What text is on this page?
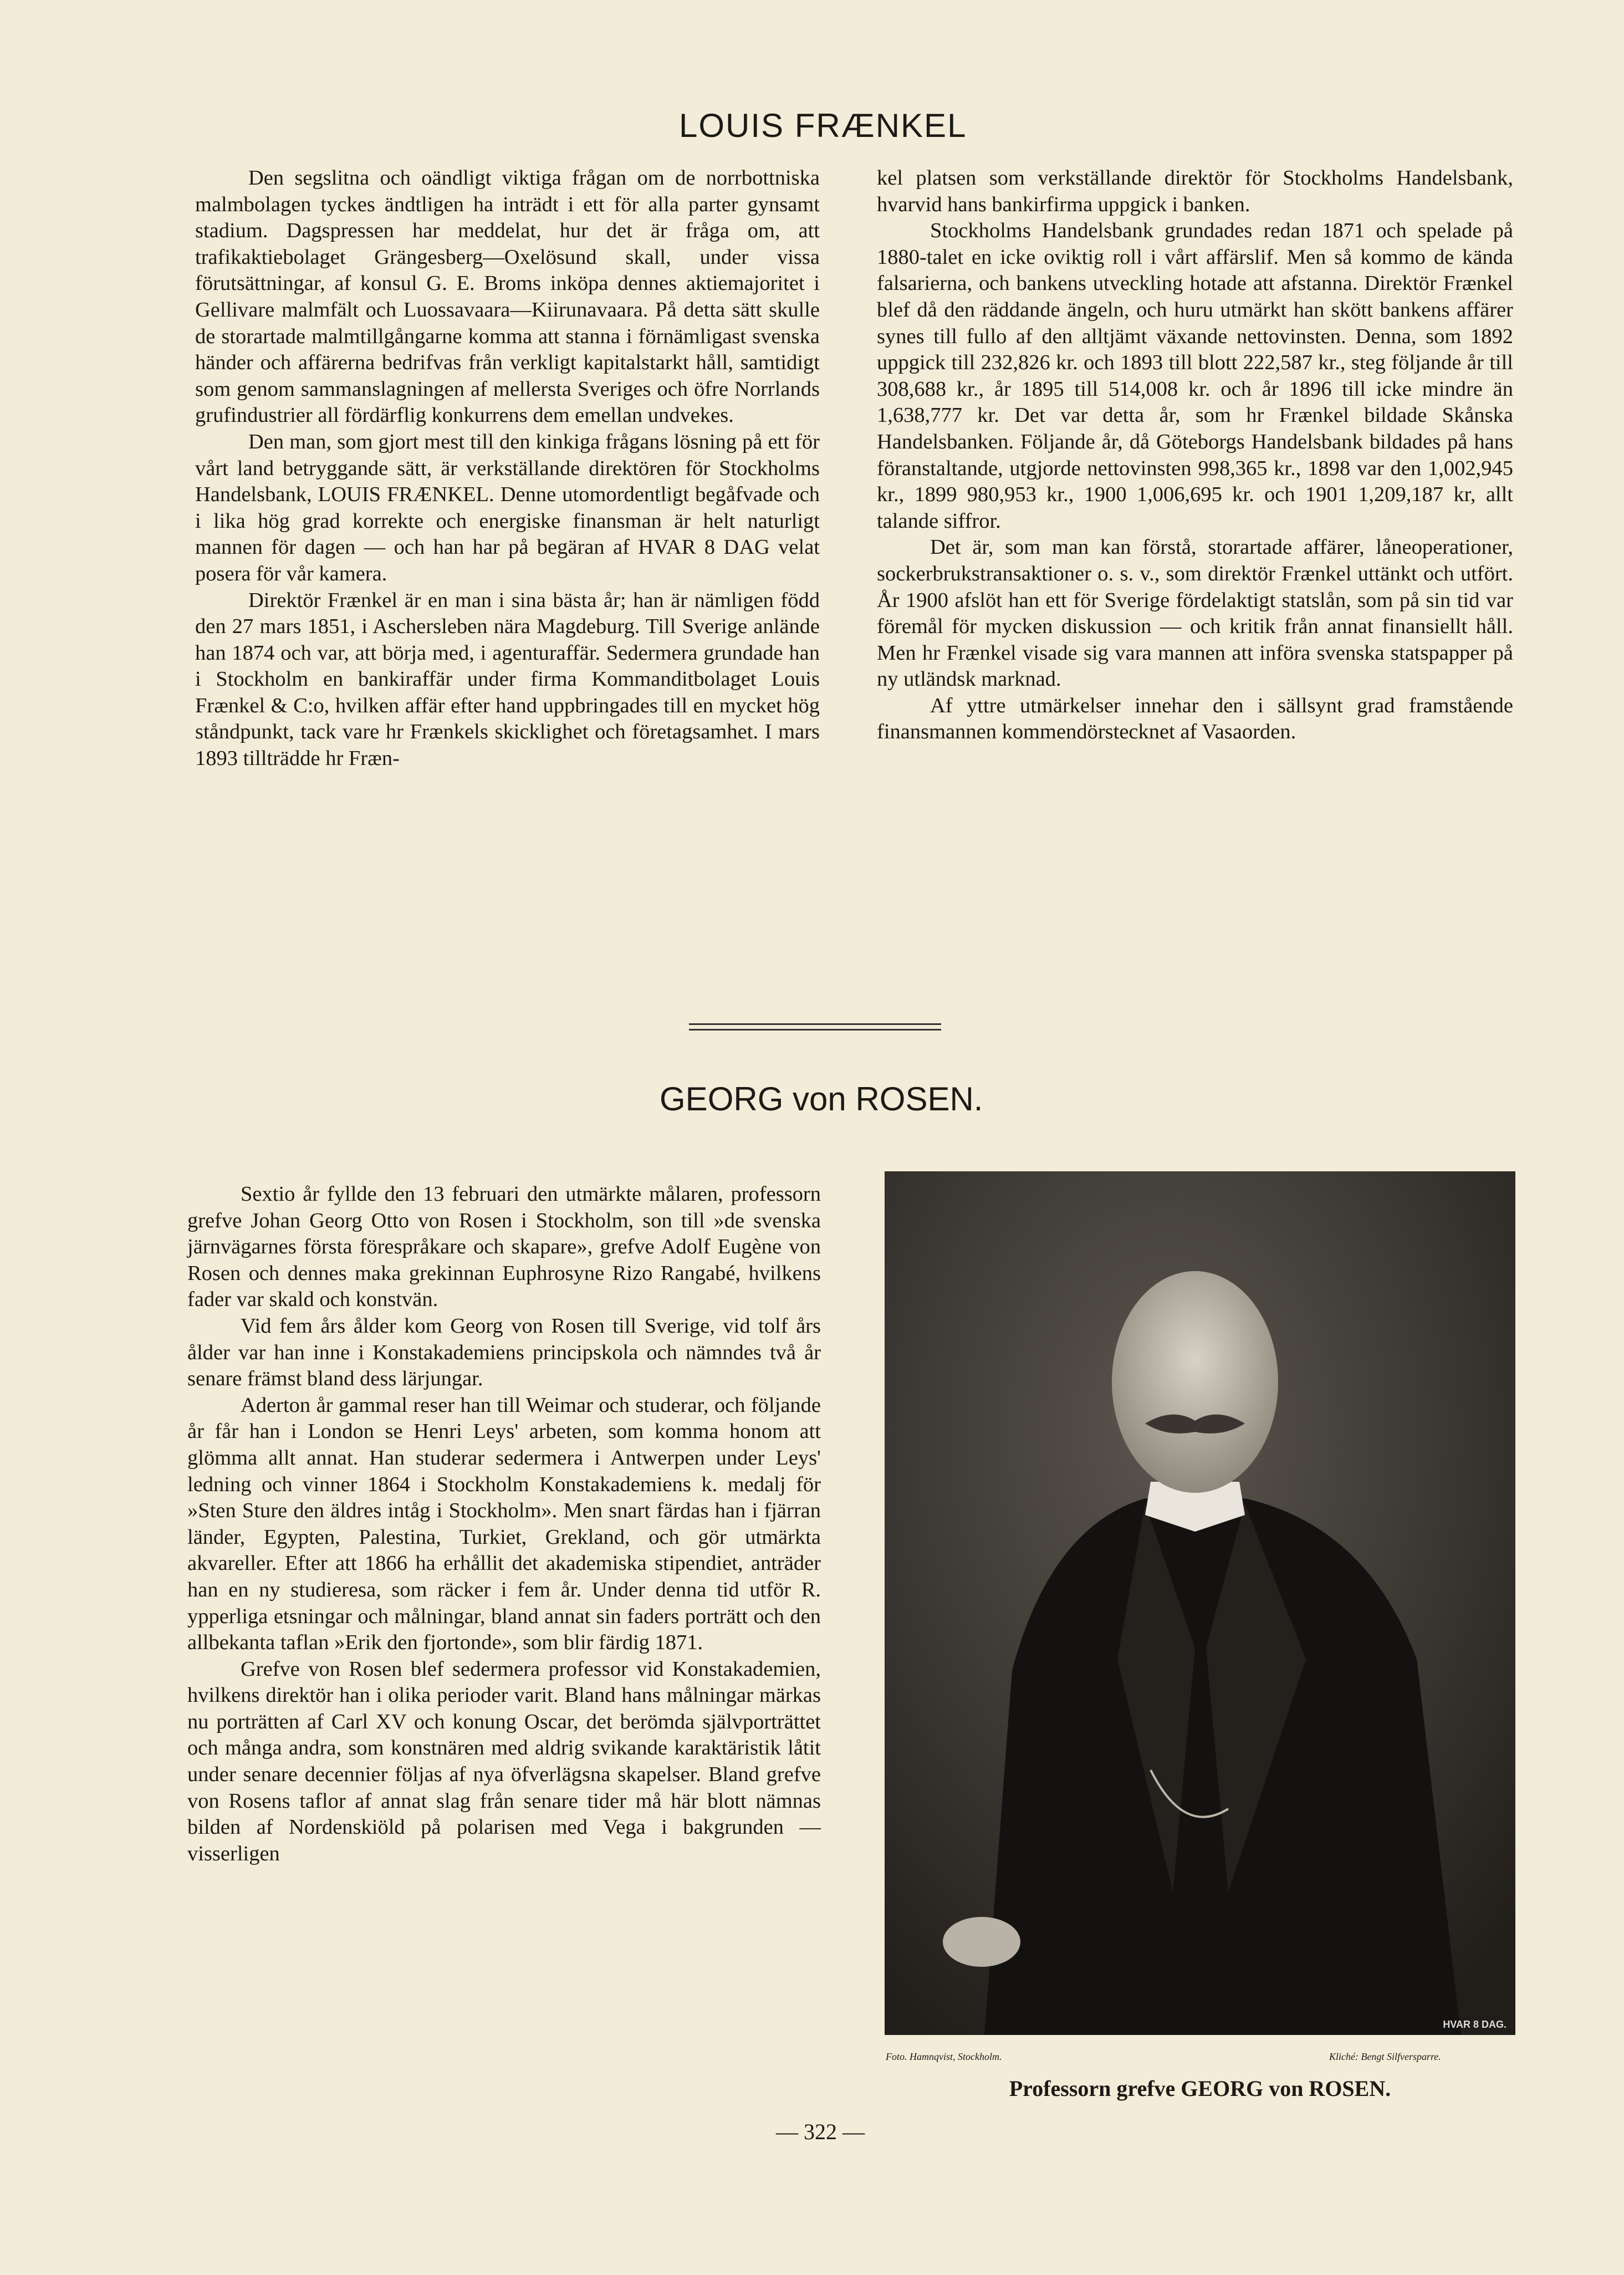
LOUIS FRÆNKEL

Den segslitna och oändligt viktiga frågan om de norrbottniska malmbolagen tyckes ändtligen ha inträdt i ett för alla parter gynsamt stadium. Dagspressen har meddelat, hur det är fråga om, att trafikaktiebolaget Grängesberg—Oxelösund skall, under vissa förutsättningar, af konsul G. E. Broms inköpa dennes aktiemajoritet i Gellivare malmfält och Luossavaara—Kiirunavaara. På detta sätt skulle de storartade malmtillgångarne komma att stanna i förnämligast svenska händer och affärerna bedrifvas från verkligt kapitalstarkt håll, samtidigt som genom sammanslagningen af mellersta Sveriges och öfre Norrlands grufindustrier all fördärflig konkurrens dem emellan undvekes.

Den man, som gjort mest till den kinkiga frågans lösning på ett för vårt land betryggande sätt, är verkställande direktören för Stockholms Handelsbank, LOUIS FRÆNKEL. Denne utomordentligt begåfvade och i lika hög grad korrekte och energiske finansman är helt naturligt mannen för dagen — och han har på begäran af HVAR 8 DAG velat posera för vår kamera.

Direktör Frænkel är en man i sina bästa år; han är nämligen född den 27 mars 1851, i Aschersleben nära Magdeburg. Till Sverige anlände han 1874 och var, att börja med, i agenturaffär. Sedermera grundade han i Stockholm en bankiraffär under firma Kommanditbolaget Louis Frænkel & C:o, hvilken affär efter hand uppbringades till en mycket hög ståndpunkt, tack vare hr Frænkels skicklighet och företagsamhet. I mars 1893 tillträdde hr Fræn-

kel platsen som verkställande direktör för Stockholms Handelsbank, hvarvid hans bankirfirma uppgick i banken.

Stockholms Handelsbank grundades redan 1871 och spelade på 1880-talet en icke oviktig roll i vårt affärslif. Men så kommo de kända falsarierna, och bankens utveckling hotade att afstanna. Direktör Frænkel blef då den räddande ängeln, och huru utmärkt han skött bankens affärer synes till fullo af den alltjämt växande nettovinsten. Denna, som 1892 uppgick till 232,826 kr. och 1893 till blott 222,587 kr., steg följande år till 308,688 kr., år 1895 till 514,008 kr. och år 1896 till icke mindre än 1,638,777 kr. Det var detta år, som hr Frænkel bildade Skånska Handelsbanken. Följande år, då Göteborgs Handelsbank bildades på hans föranstaltande, utgjorde nettovinsten 998,365 kr., 1898 var den 1,002,945 kr., 1899 980,953 kr., 1900 1,006,695 kr. och 1901 1,209,187 kr, allt talande siffror.

Det är, som man kan förstå, storartade affärer, låneoperationer, sockerbrukstransaktioner o. s. v., som direktör Frænkel uttänkt och utfört. År 1900 afslöt han ett för Sverige fördelaktigt statslån, som på sin tid var föremål för mycken diskussion — och kritik från annat finansiellt håll. Men hr Frænkel visade sig vara mannen att införa svenska statspapper på ny utländsk marknad.

Af yttre utmärkelser innehar den i sällsynt grad framstående finansmannen kommendörstecknet af Vasaorden.

GEORG von ROSEN.

Sextio år fyllde den 13 februari den utmärkte målaren, professorn grefve Johan Georg Otto von Rosen i Stockholm, son till »de svenska järnvägarnes första förespråkare och skapare», grefve Adolf Eugène von Rosen och dennes maka grekinnan Euphrosyne Rizo Rangabé, hvilkens fader var skald och konstvän.

Vid fem års ålder kom Georg von Rosen till Sverige, vid tolf års ålder var han inne i Konstakademiens principskola och nämndes två år senare främst bland dess lärjungar.

Aderton år gammal reser han till Weimar och studerar, och följande år får han i London se Henri Leys' arbeten, som komma honom att glömma allt annat. Han studerar sedermera i Antwerpen under Leys' ledning och vinner 1864 i Stockholm Konstakademiens k. medalj för »Sten Sture den äldres intåg i Stockholm». Men snart färdas han i fjärran länder, Egypten, Palestina, Turkiet, Grekland, och gör utmärkta akvareller. Efter att 1866 ha erhållit det akademiska stipendiet, anträder han en ny studieresa, som räcker i fem år. Under denna tid utför R. ypperliga etsningar och målningar, bland annat sin faders porträtt och den allbekanta taflan »Erik den fjortonde», som blir färdig 1871.

Grefve von Rosen blef sedermera professor vid Konstakademien, hvilkens direktör han i olika perioder varit. Bland hans målningar märkas nu porträtten af Carl XV och konung Oscar, det berömda självporträttet och många andra, som konstnären med aldrig svikande karaktäristik låtit under senare decennier följas af nya öfverlägsna skapelser. Bland grefve von Rosens taflor af annat slag från senare tider må här blott nämnas bilden af Nordenskiöld på polarisen med Vega i bakgrunden — visserligen

HVAR 8 DAG.
Foto. Hamnqvist, Stockholm.	Kliché: Bengt Silfversparre.
Professorn grefve GEORG von ROSEN.
— 322 —
